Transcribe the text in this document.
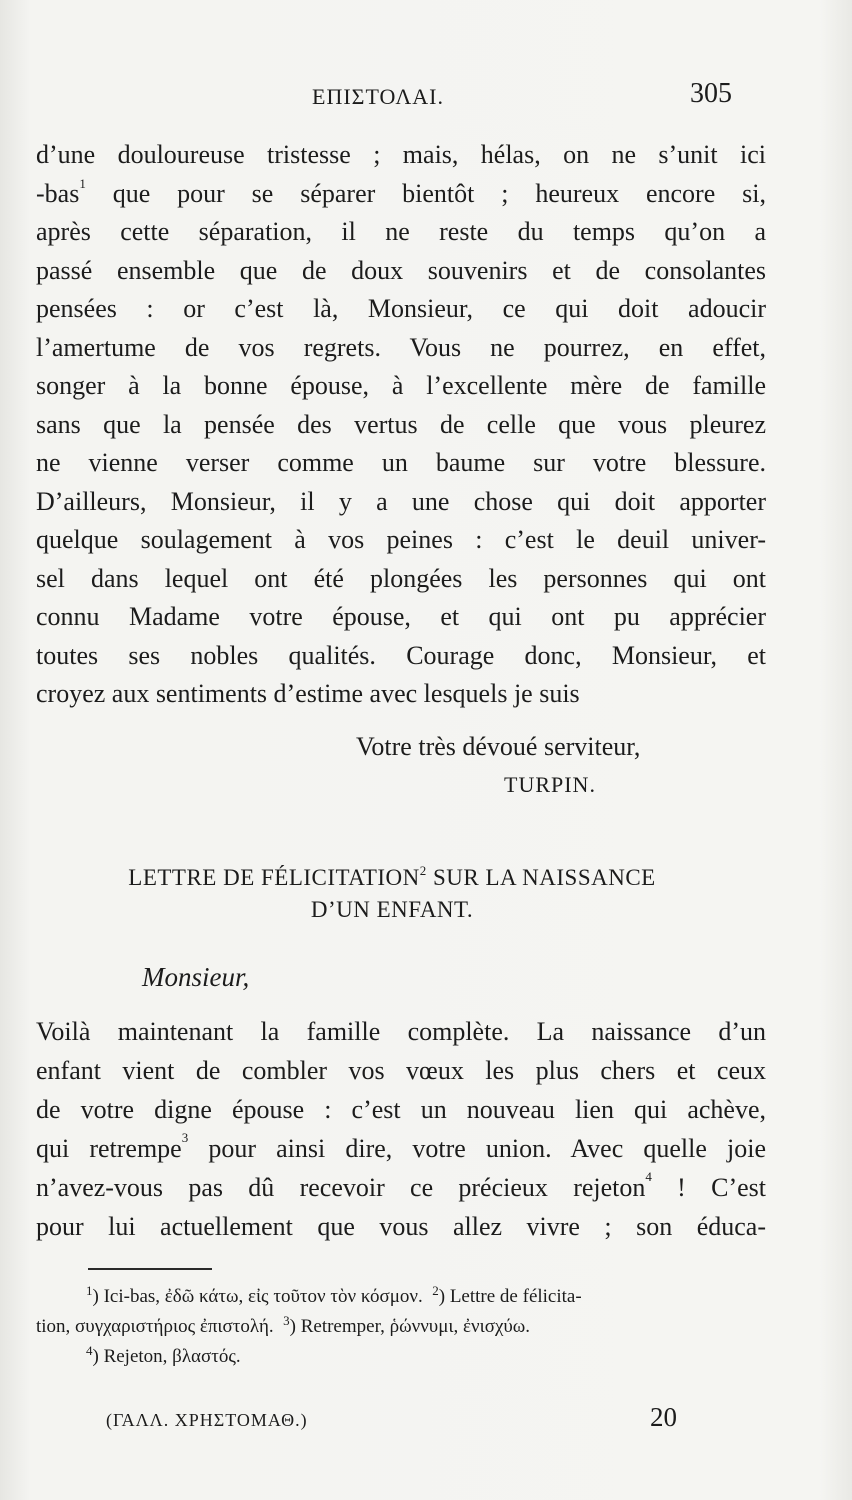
ΕΠΙΣΤΟΛΑΙ.	305
d’une douloureuse tristesse ; mais, hélas, on ne s’unit ici
-bas$^1$ que pour se séparer bientôt ; heureux encore si,
après cette séparation, il ne reste du temps qu’on a
passé ensemble que de doux souvenirs et de consolantes
pensées : or c’est là, Monsieur, ce qui doit adoucir
l’amertume de vos regrets. Vous ne pourrez, en effet,
songer à la bonne épouse, à l’excellente mère de famille
sans que la pensée des vertus de celle que vous pleurez
ne vienne verser comme un baume sur votre blessure.
D’ailleurs, Monsieur, il y a une chose qui doit apporter
quelque soulagement à vos peines : c’est le deuil univer-
sel dans lequel ont été plongées les personnes qui ont
connu Madame votre épouse, et qui ont pu apprécier
toutes ses nobles qualités. Courage donc, Monsieur, et
croyez aux sentiments d’estime avec lesquels je suis
Votre très dévoué serviteur,
TURPIN.
LETTRE DE FÉLICITATION$^2$ SUR LA NAISSANCE
D’UN ENFANT.
Monsieur,
Voilà maintenant la famille complète. La naissance d’un
enfant vient de combler vos vœux les plus chers et ceux
de votre digne épouse : c’est un nouveau lien qui achève,
qui retrempe$^3$ pour ainsi dire, votre union. Avec quelle joie
n’avez-vous pas dû recevoir ce précieux rejeton$^4$ ! C’est
pour lui actuellement que vous allez vivre ; son éduca-
$^1$) Ici-bas, ἐδῶ κάτω, εἰς τοῦτον τὸν κόσμον. $^2$) Lettre de félicita-
tion, συγχαριστήριος ἐπιστολή. $^3$) Retremper, ῥώννυμι, ἐνισχύω.
$^4$) Rejeton, βλαστός.
(ΓΑΛΛ. ΧΡΗΣΤΟΜΑΘ.)	20
